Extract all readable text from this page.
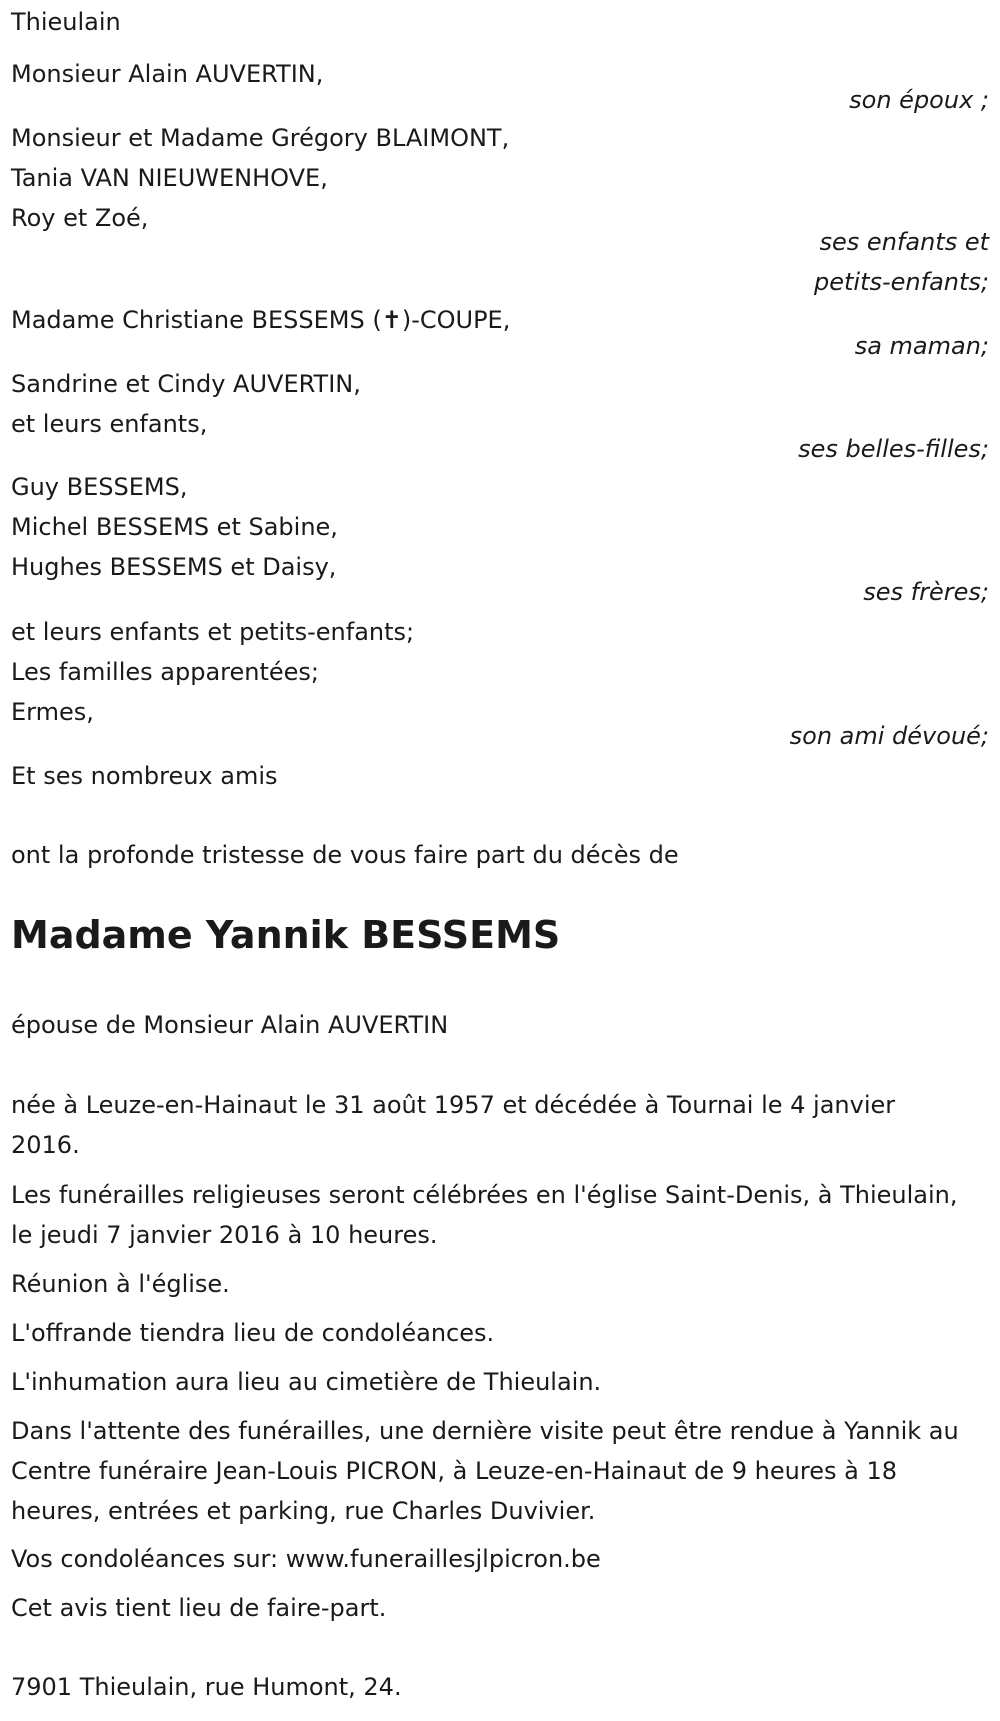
Thieulain
Monsieur Alain AUVERTIN,
son époux ;
Monsieur et Madame Grégory BLAIMONT,
Tania VAN NIEUWENHOVE,
Roy et Zoé,
ses enfants et
petits-enfants;
Madame Christiane BESSEMS (✝)-COUPE,
sa maman;
Sandrine et Cindy AUVERTIN,
et leurs enfants,
ses belles-filles;
Guy BESSEMS,
Michel BESSEMS et Sabine,
Hughes BESSEMS et Daisy,
ses frères;
et leurs enfants et petits-enfants;
Les familles apparentées;
Ermes,
son ami dévoué;
Et ses nombreux amis
ont la profonde tristesse de vous faire part du décès de
Madame Yannik BESSEMS
épouse de Monsieur Alain AUVERTIN
née à Leuze-en-Hainaut le 31 août 1957 et décédée à Tournai le 4 janvier 2016.
Les funérailles religieuses seront célébrées en l'église Saint-Denis, à Thieulain, le jeudi 7 janvier 2016 à 10 heures.
Réunion à l'église.
L'offrande tiendra lieu de condoléances.
L'inhumation aura lieu au cimetière de Thieulain.
Dans l'attente des funérailles, une dernière visite peut être rendue à Yannik au Centre funéraire Jean-Louis PICRON, à Leuze-en-Hainaut de 9 heures à 18 heures, entrées et parking, rue Charles Duvivier.
Vos condoléances sur: www.funeraillesjlpicron.be
Cet avis tient lieu de faire-part.
7901 Thieulain, rue Humont, 24.
